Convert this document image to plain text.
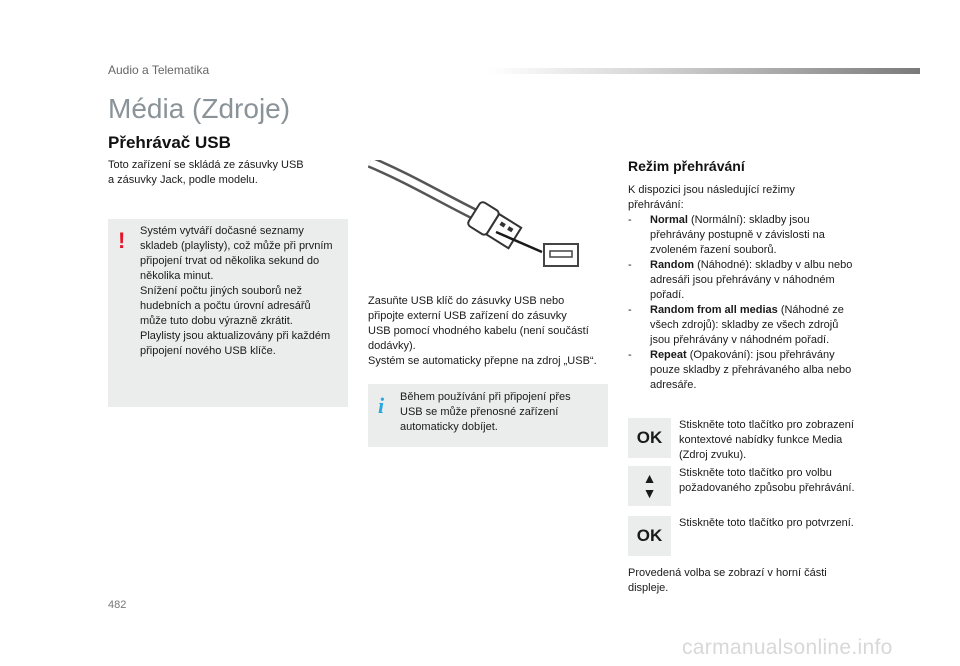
Audio a Telematika
Média (Zdroje)
Přehrávač USB
Toto zařízení se skládá ze zásuvky USB
a zásuvky Jack, podle modelu.
! Systém vytváří dočasné seznamy
skladeb (playlisty), což může při prvním
připojení trvat od několika sekund do
několika minut.
Snížení počtu jiných souborů než
hudebních a počtu úrovní adresářů
může tuto dobu výrazně zkrátit.
Playlisty jsou aktualizovány při každém
připojení nového USB klíče.
Zasuňte USB klíč do zásuvky USB nebo
připojte externí USB zařízení do zásuvky
USB pomocí vhodného kabelu (není součástí
dodávky).
Systém se automaticky přepne na zdroj „USB“.
i Během používání při připojení přes
USB se může přenosné zařízení
automaticky dobíjet.
Režim přehrávání
K dispozici jsou následující režimy
přehrávání:
- Normal (Normální): skladby jsou
přehrávány postupně v závislosti na
zvoleném řazení souborů.
- Random (Náhodné): skladby v albu nebo
adresáři jsou přehrávány v náhodném
pořadí.
- Random from all medias (Náhodné ze
všech zdrojů): skladby ze všech zdrojů
jsou přehrávány v náhodném pořadí.
- Repeat (Opakování): jsou přehrávány
pouze skladby z přehrávaného alba nebo
adresáře.
OK
Stiskněte toto tlačítko pro zobrazení
kontextové nabídky funkce Media
(Zdroj zvuku).
▲
▼
Stiskněte toto tlačítko pro volbu
požadovaného způsobu přehrávání.
OK
Stiskněte toto tlačítko pro potvrzení.
Provedená volba se zobrazí v horní části
displeje.
482
carmanualsonline.info
